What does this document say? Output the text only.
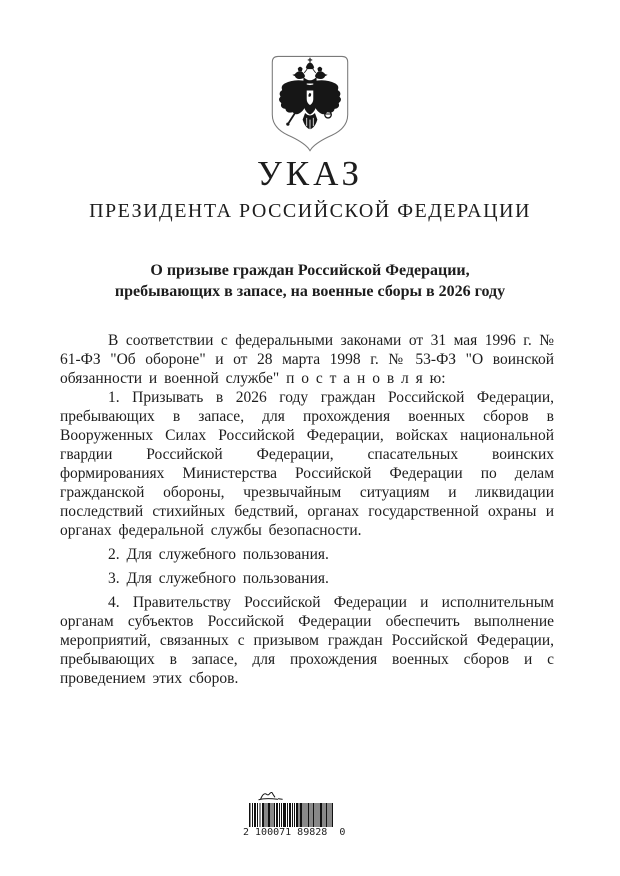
УКАЗ
ПРЕЗИДЕНТА РОССИЙСКОЙ ФЕДЕРАЦИИ
О призыве граждан Российской Федерации,
пребывающих в запасе, на военные сборы в 2026 году

В соответствии с федеральными законами от 31 мая 1996 г. № 61-ФЗ "Об обороне" и от 28 марта 1998 г. № 53-ФЗ "О воинской обязанности и военной службе" п о с т а н о в л я ю:

1. Призывать в 2026 году граждан Российской Федерации, пребывающих в запасе, для прохождения военных сборов в Вооруженных Силах Российской Федерации, войсках национальной гвардии Российской Федерации, спасательных воинских формированиях Министерства Российской Федерации по делам гражданской обороны, чрезвычайным ситуациям и ликвидации последствий стихийных бедствий, органах государственной охраны и органах федеральной службы безопасности.

2. Для служебного пользования.

3. Для служебного пользования.

4. Правительству Российской Федерации и исполнительным органам субъектов Российской Федерации обеспечить выполнение мероприятий, связанных с призывом граждан Российской Федерации, пребывающих в запасе, для прохождения военных сборов и с проведением этих сборов.

2 100071 89828  0
